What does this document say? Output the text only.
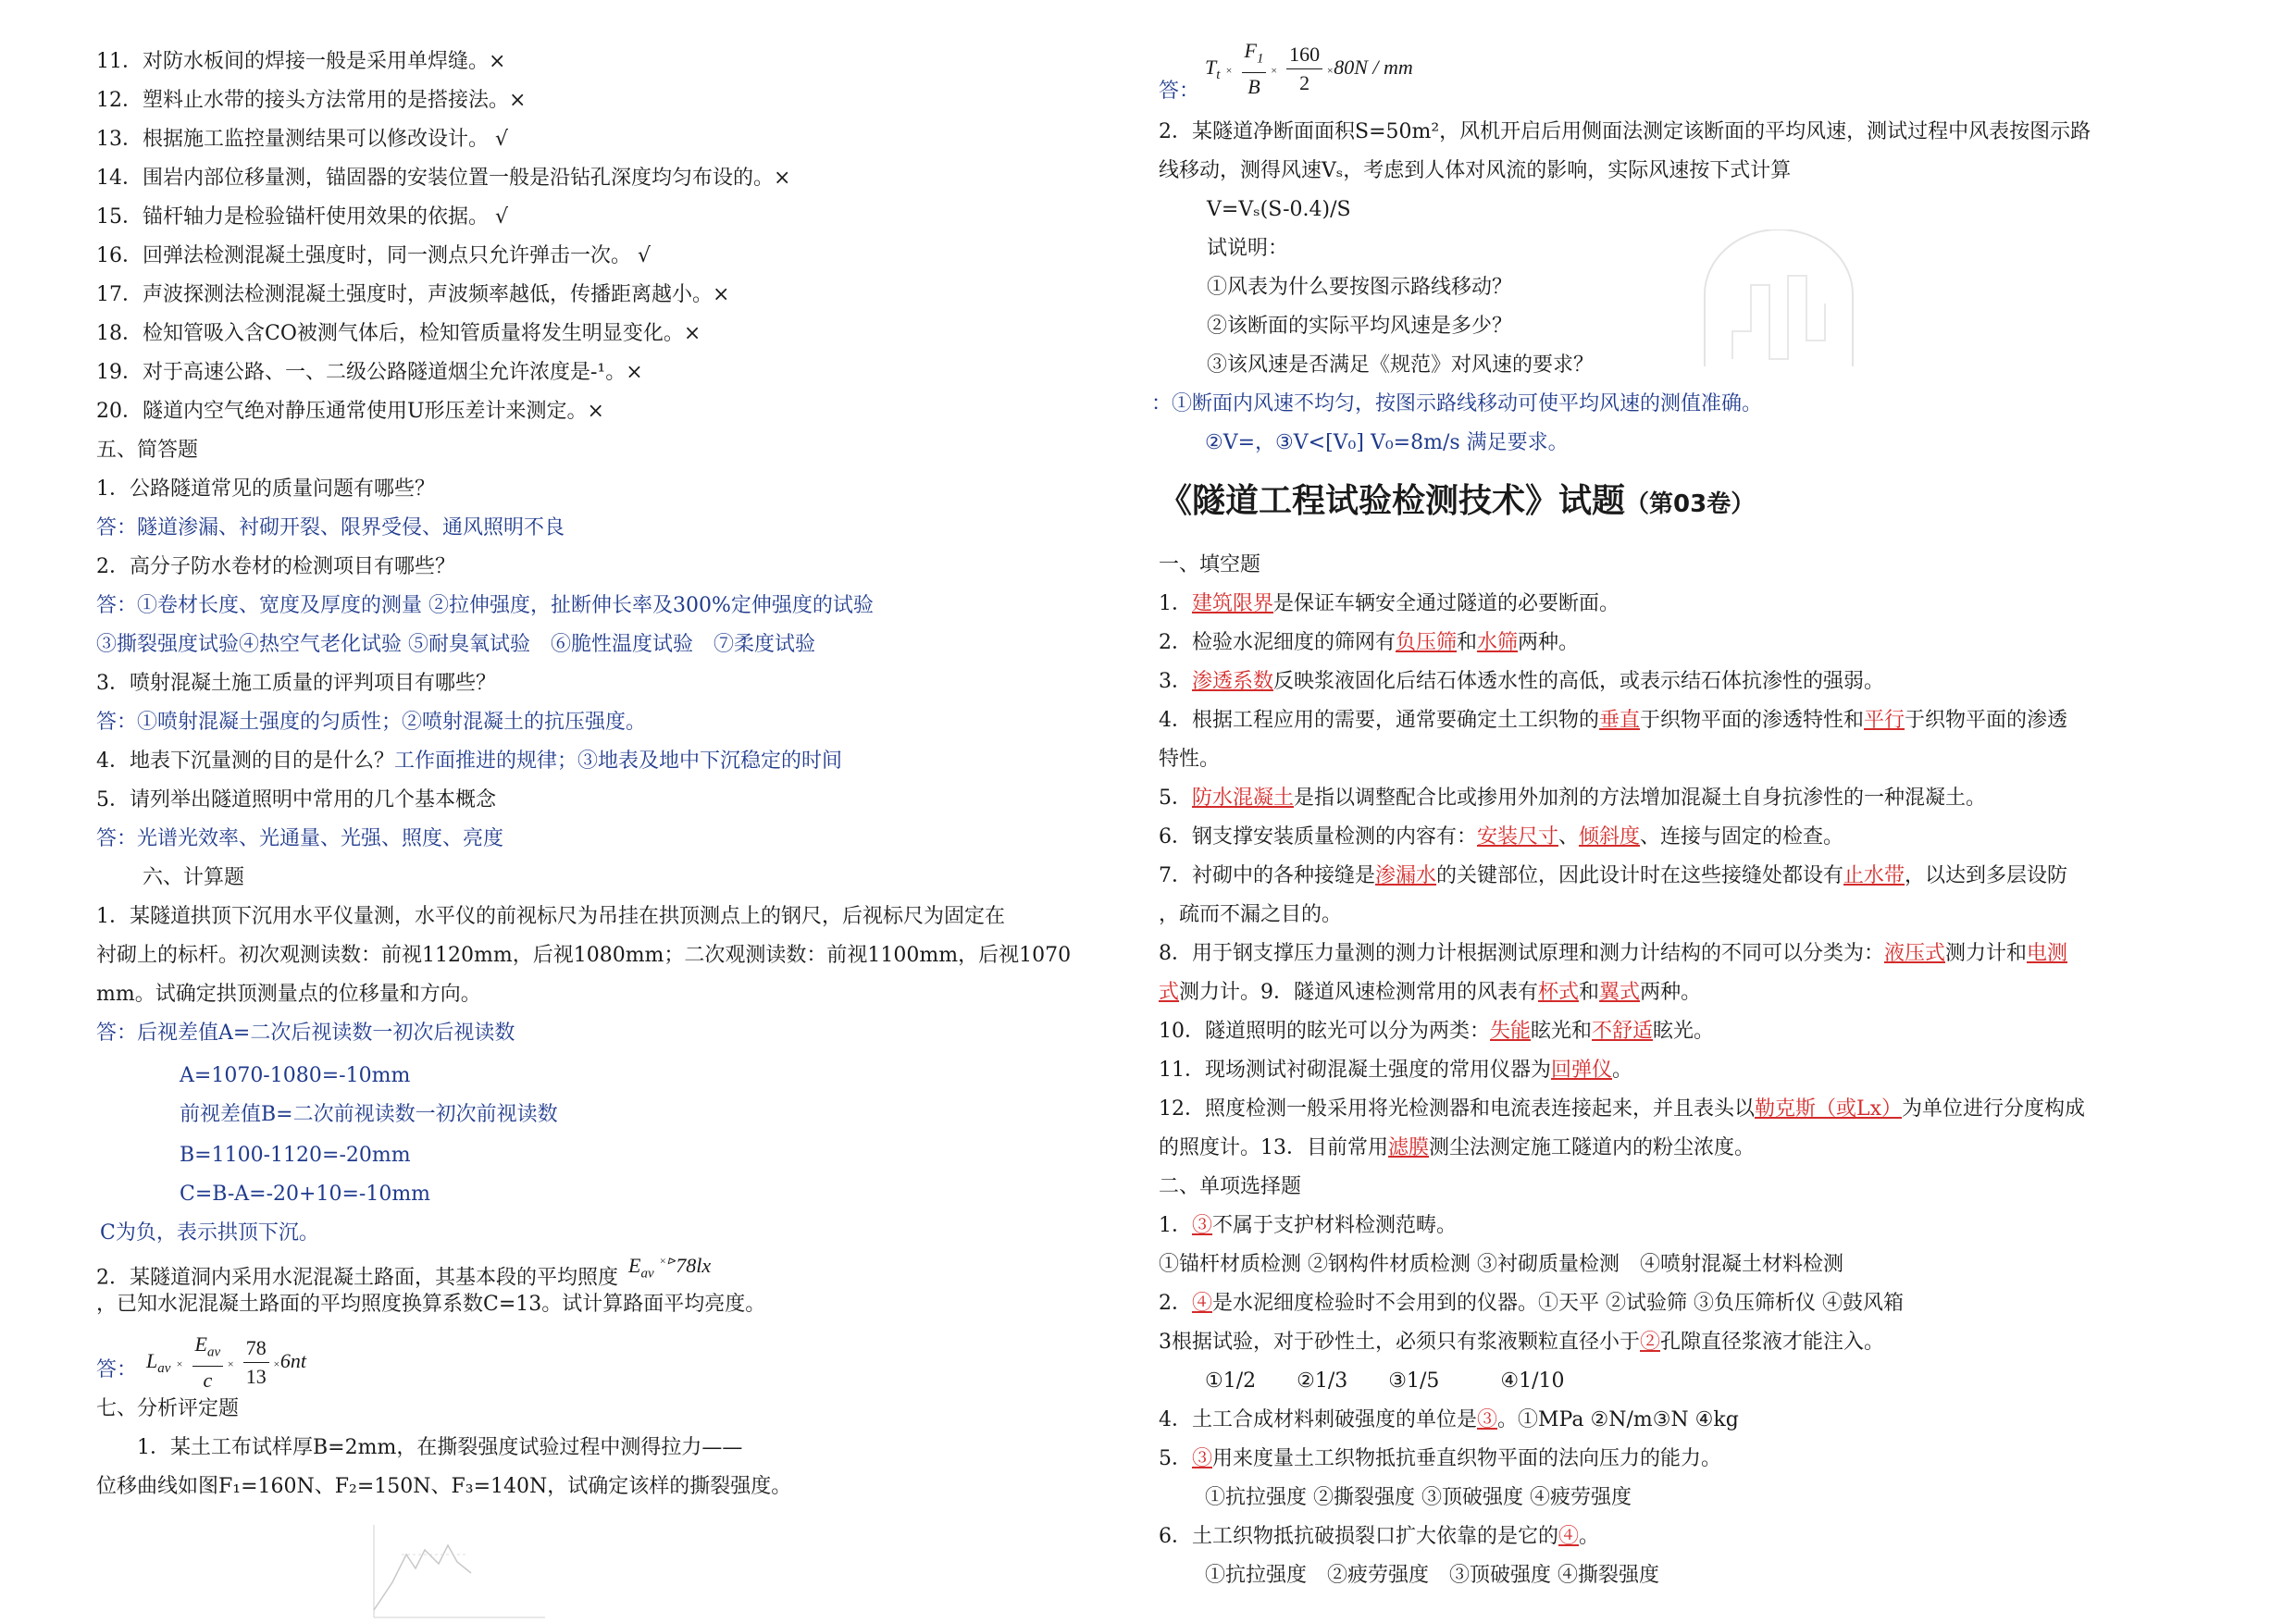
11．对防水板间的焊接一般是采用单焊缝。×
12．塑料止水带的接头方法常用的是搭接法。×
13．根据施工监控量测结果可以修改设计。 √
14．围岩内部位移量测，锚固器的安装位置一般是沿钻孔深度均匀布设的。×
15．锚杆轴力是检验锚杆使用效果的依据。 √
16．回弹法检测混凝土强度时，同一测点只允许弹击一次。 √
17．声波探测法检测混凝土强度时，声波频率越低，传播距离越小。×
18．检知管吸入含CO被测气体后，检知管质量将发生明显变化。×
19．对于高速公路、一、二级公路隧道烟尘允许浓度是-¹。×
20．隧道内空气绝对静压通常使用U形压差计来测定。×
五、简答题
1．公路隧道常见的质量问题有哪些？
答：隧道渗漏、衬砌开裂、限界受侵、通风照明不良
2．高分子防水卷材的检测项目有哪些？
答：①卷材长度、宽度及厚度的测量 ②拉伸强度，扯断伸长率及300%定伸强度的试验
③撕裂强度试验④热空气老化试验 ⑤耐臭氧试验　⑥脆性温度试验　⑦柔度试验
3．喷射混凝土施工质量的评判项目有哪些？
答：①喷射混凝土强度的匀质性；②喷射混凝土的抗压强度。
4．地表下沉量测的目的是什么？工作面推进的规律；③地表及地中下沉稳定的时间
5．请列举出隧道照明中常用的几个基本概念
答：光谱光效率、光通量、光强、照度、亮度
六、计算题
1．某隧道拱顶下沉用水平仪量测，水平仪的前视标尺为吊挂在拱顶测点上的钢尺，后视标尺为固定在
衬砌上的标杆。初次观测读数：前视1120mm，后视1080mm；二次观测读数：前视1100mm，后视1070
mm。试确定拱顶测量点的位移量和方向。
答：后视差值A=二次后视读数一初次后视读数
A=1070-1080=-10mm
前视差值B=二次前视读数一初次前视读数
B=1100-1120=-20mm
C=B-A=-20+10=-10mm
C为负，表示拱顶下沉。
2．某隧道洞内采用水泥混凝土路面，其基本段的平均照度 $E_{av}$ ×⊳78lx
，已知水泥混凝土路面的平均照度换算系数C=13。试计算路面平均亮度。
答： $L_{av} \times \frac{E_{av}}{c} \times \frac{78}{13} \times 6nt$
七、分析评定题
1．某土工布试样厚B=2mm，在撕裂强度试验过程中测得拉力——
位移曲线如图F₁=160N、F₂=150N、F₃=140N，试确定该样的撕裂强度。
答：
$T_t \times \frac{F_1}{B} \times \frac{160}{2} \times 80N$ / mm
2．某隧道净断面面积S=50m²，风机开启后用侧面法测定该断面的平均风速，测试过程中风表按图示路
线移动，测得风速Vₛ，考虑到人体对风流的影响，实际风速按下式计算
V=Vₛ(S-0.4)/S
试说明：
①风表为什么要按图示路线移动？
②该断面的实际平均风速是多少？
③该风速是否满足《规范》对风速的要求？
：①断面内风速不均匀，按图示路线移动可使平均风速的测值准确。
②V=，③V<[V₀] V₀=8m/s 满足要求。
《隧道工程试验检测技术》试题（第03卷）
一、填空题
1．建筑限界是保证车辆安全通过隧道的必要断面。
2．检验水泥细度的筛网有负压筛和水筛两种。
3．渗透系数反映浆液固化后结石体透水性的高低，或表示结石体抗渗性的强弱。
4．根据工程应用的需要，通常要确定土工织物的垂直于织物平面的渗透特性和平行于织物平面的渗透
特性。
5．防水混凝土是指以调整配合比或掺用外加剂的方法增加混凝土自身抗渗性的一种混凝土。
6．钢支撑安装质量检测的内容有：安装尺寸、倾斜度、连接与固定的检查。
7．衬砌中的各种接缝是渗漏水的关键部位，因此设计时在这些接缝处都设有止水带，以达到多层设防
，疏而不漏之目的。
8．用于钢支撑压力量测的测力计根据测试原理和测力计结构的不同可以分类为：液压式测力计和电测
式测力计。9．隧道风速检测常用的风表有杯式和翼式两种。
10．隧道照明的眩光可以分为两类：失能眩光和不舒适眩光。
11．现场测试衬砌混凝土强度的常用仪器为回弹仪。
12．照度检测一般采用将光检测器和电流表连接起来，并且表头以勒克斯（或Lx）为单位进行分度构成
的照度计。13．目前常用滤膜测尘法测定施工隧道内的粉尘浓度。
二、单项选择题
1．③不属于支护材料检测范畴。
①锚杆材质检测 ②钢构件材质检测 ③衬砌质量检测　④喷射混凝土材料检测
2．④是水泥细度检验时不会用到的仪器。①天平 ②试验筛 ③负压筛析仪 ④鼓风箱
3根据试验，对于砂性土，必须只有浆液颗粒直径小于②孔隙直径浆液才能注入。
①1/2　　②1/3　　③1/5　　　④1/10
4．土工合成材料刺破强度的单位是③。①MPa ②N/m③N ④kg
5．③用来度量土工织物抵抗垂直织物平面的法向压力的能力。
①抗拉强度 ②撕裂强度 ③顶破强度 ④疲劳强度
6．土工织物抵抗破损裂口扩大依靠的是它的④。
①抗拉强度　②疲劳强度　③顶破强度 ④撕裂强度
